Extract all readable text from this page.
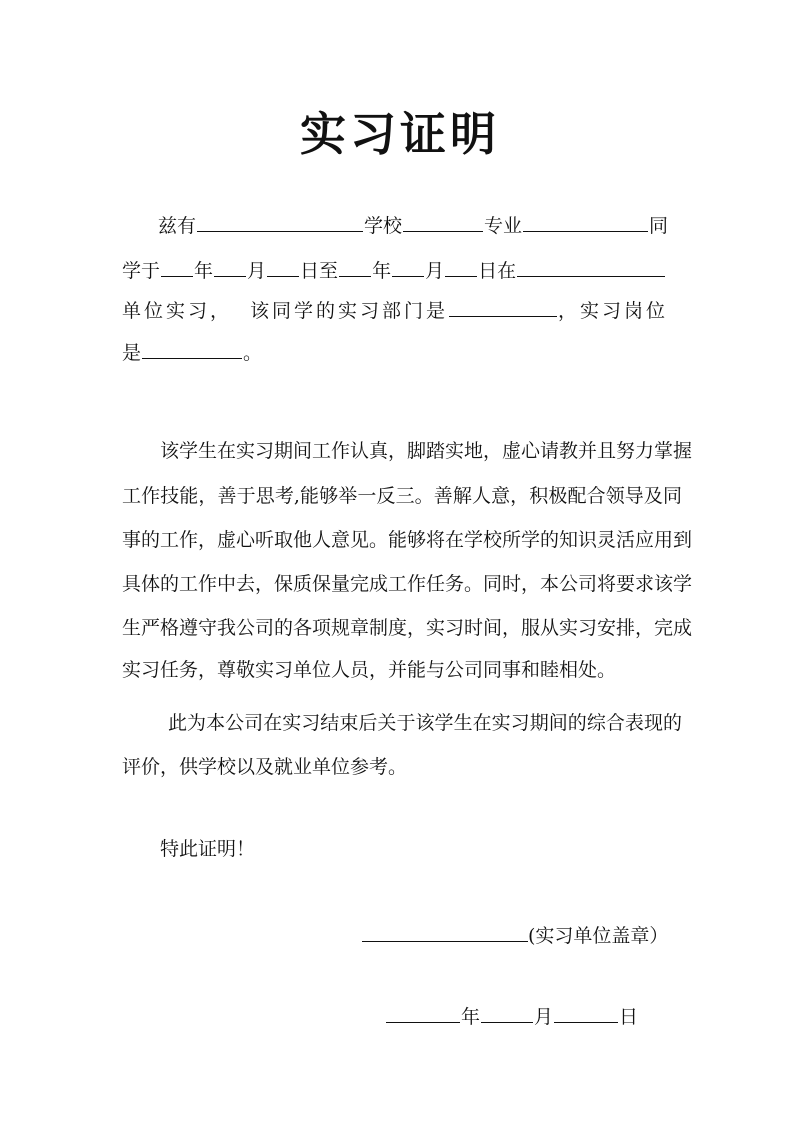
实习证明
兹有	学校	专业	同
学于 年 月 日至 年 月 日在
单位实习， 该同学的实习部门是	，实习岗位
是	。
该学生在实习期间工作认真，脚踏实地，虚心请教并且努力掌握
工作技能，善于思考,能够举一反三。善解人意，积极配合领导及同
事的工作，虚心听取他人意见。能够将在学校所学的知识灵活应用到
具体的工作中去，保质保量完成工作任务。同时，本公司将要求该学
生严格遵守我公司的各项规章制度，实习时间，服从实习安排，完成
实习任务，尊敬实习单位人员，并能与公司同事和睦相处。
此为本公司在实习结束后关于该学生在实习期间的综合表现的
评价，供学校以及就业单位参考。
特此证明！
(实习单位盖章）
年	月	日
